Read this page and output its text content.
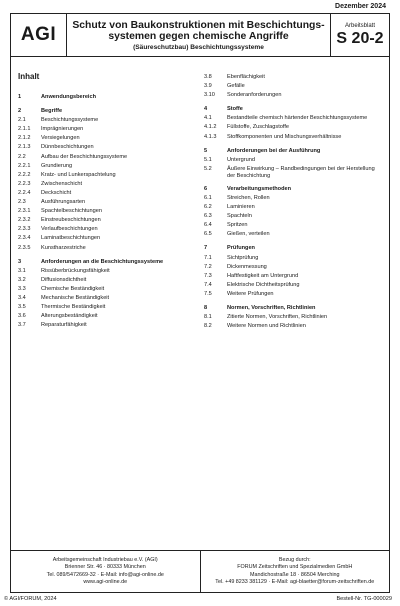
Dezember 2024
AGI	Schutz von Baukonstruktionen mit Beschichtungs-
systemen gegen chemische Angriffe
(Säureschutzbau) Beschichtungssysteme
Arbeitsblatt
S 20-2
Inhalt
1	Anwendungsbereich
2	Begriffe
2.1	Beschichtungssysteme
2.1.1	Imprägnierungen
2.1.2	Versiegelungen
2.1.3	Dünnbeschichtungen
2.2	Aufbau der Beschichtungssysteme
2.2.1	Grundierung
2.2.2	Kratz- und Lunkerspachtelung
2.2.3	Zwischenschicht
2.2.4	Deckschicht
2.3	Ausführungsarten
2.3.1	Spachtelbeschichtungen
2.3.2	Einstreubeschichtungen
2.3.3	Verlaufbeschichtungen
2.3.4	Laminatbeschichtungen
2.3.5	Kunstharzestriche
3	Anforderungen an die Beschichtungssysteme
3.1	Rissüberbrückungsfähigkeit
3.2	Diffusionsdichtheit
3.3	Chemische Beständigkeit
3.4	Mechanische Beständigkeit
3.5	Thermische Beständigkeit
3.6	Alterungsbeständigkeit
3.7	Reparaturfähigkeit
3.8	Ebenflächigkeit
3.9	Gefälle
3.10	Sonderanforderungen
4	Stoffe
4.1	Bestandteile chemisch härtender Beschichtungssysteme
4.1.2	Füllstoffe, Zuschlagstoffe
4.1.3	Stoffkomponenten und Mischungsverhältnisse
5	Anforderungen bei der Ausführung
5.1	Untergrund
5.2	Äußere Einwirkung – Randbedingungen bei der Herstellung der Beschichtung
6	Verarbeitungsmethoden
6.1	Streichen, Rollen
6.2	Laminieren
6.3	Spachteln
6.4	Spritzen
6.5	Gießen, verteilen
7	Prüfungen
7.1	Sichtprüfung
7.2	Dickenmessung
7.3	Haftfestigkeit am Untergrund
7.4	Elektrische Dichtheitsprüfung
7.5	Weitere Prüfungen
8	Normen, Vorschriften, Richtlinien
8.1	Zitierte Normen, Vorschriften, Richtlinien
8.2	Weitere Normen und Richtlinien
Arbeitsgemeinschaft Industriebau e.V. (AGI)
Brienner Str. 46 · 80333 München
Tel. 089/5472669-32 · E-Mail: info@agi-online.de
www.agi-online.de
Bezug durch:
FORUM Zeitschriften und Spezialmedien GmbH
Mandichostraße 18 · 86504 Merching
Tel. +49 8233 381129 · E-Mail: agi-blaetter@forum-zeitschriften.de
© AGI/FORUM, 2024	Bestell-Nr. TG-000029
